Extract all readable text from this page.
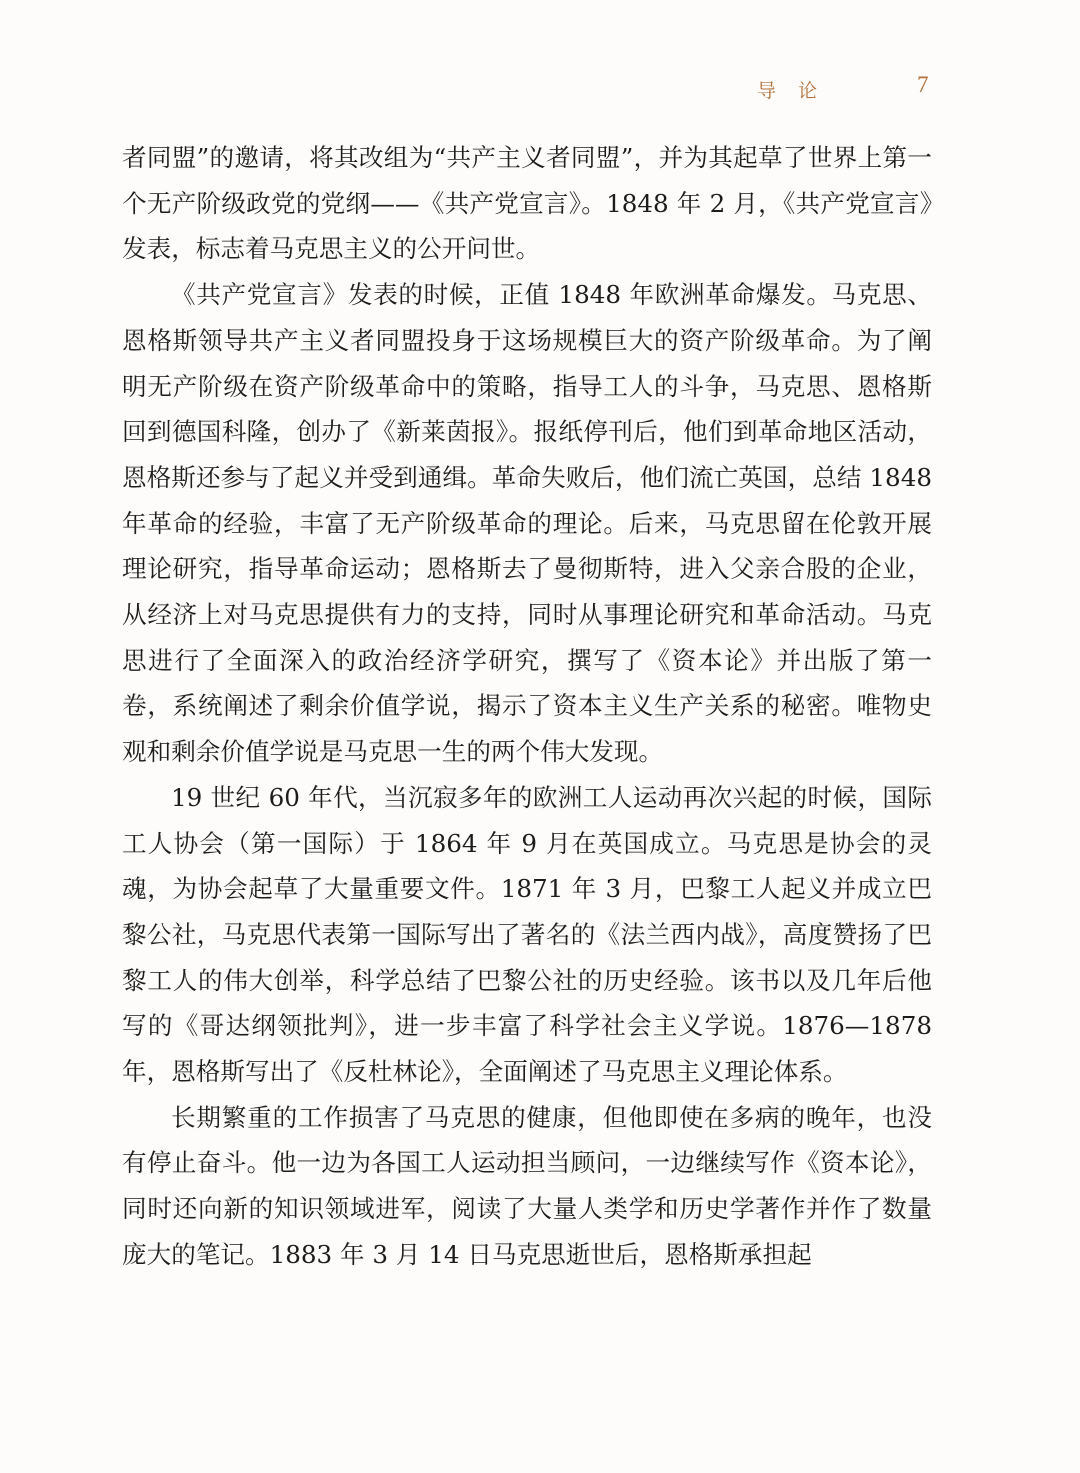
导 论	7

者同盟”的邀请，将其改组为“共产主义者同盟”，并为其起草了世界上第一个无产阶级政党的党纲——《共产党宣言》。1848 年 2 月，《共产党宣言》发表，标志着马克思主义的公开问世。

《共产党宣言》发表的时候，正值 1848 年欧洲革命爆发。马克思、恩格斯领导共产主义者同盟投身于这场规模巨大的资产阶级革命。为了阐明无产阶级在资产阶级革命中的策略，指导工人的斗争，马克思、恩格斯回到德国科隆，创办了《新莱茵报》。报纸停刊后，他们到革命地区活动，恩格斯还参与了起义并受到通缉。革命失败后，他们流亡英国，总结 1848 年革命的经验，丰富了无产阶级革命的理论。后来，马克思留在伦敦开展理论研究，指导革命运动；恩格斯去了曼彻斯特，进入父亲合股的企业，从经济上对马克思提供有力的支持，同时从事理论研究和革命活动。马克思进行了全面深入的政治经济学研究，撰写了《资本论》并出版了第一卷，系统阐述了剩余价值学说，揭示了资本主义生产关系的秘密。唯物史观和剩余价值学说是马克思一生的两个伟大发现。

19 世纪 60 年代，当沉寂多年的欧洲工人运动再次兴起的时候，国际工人协会（第一国际）于 1864 年 9 月在英国成立。马克思是协会的灵魂，为协会起草了大量重要文件。1871 年 3 月，巴黎工人起义并成立巴黎公社，马克思代表第一国际写出了著名的《法兰西内战》，高度赞扬了巴黎工人的伟大创举，科学总结了巴黎公社的历史经验。该书以及几年后他写的《哥达纲领批判》，进一步丰富了科学社会主义学说。1876—1878 年，恩格斯写出了《反杜林论》，全面阐述了马克思主义理论体系。

长期繁重的工作损害了马克思的健康，但他即使在多病的晚年，也没有停止奋斗。他一边为各国工人运动担当顾问，一边继续写作《资本论》，同时还向新的知识领域进军，阅读了大量人类学和历史学著作并作了数量庞大的笔记。1883 年 3 月 14 日马克思逝世后，恩格斯承担起
